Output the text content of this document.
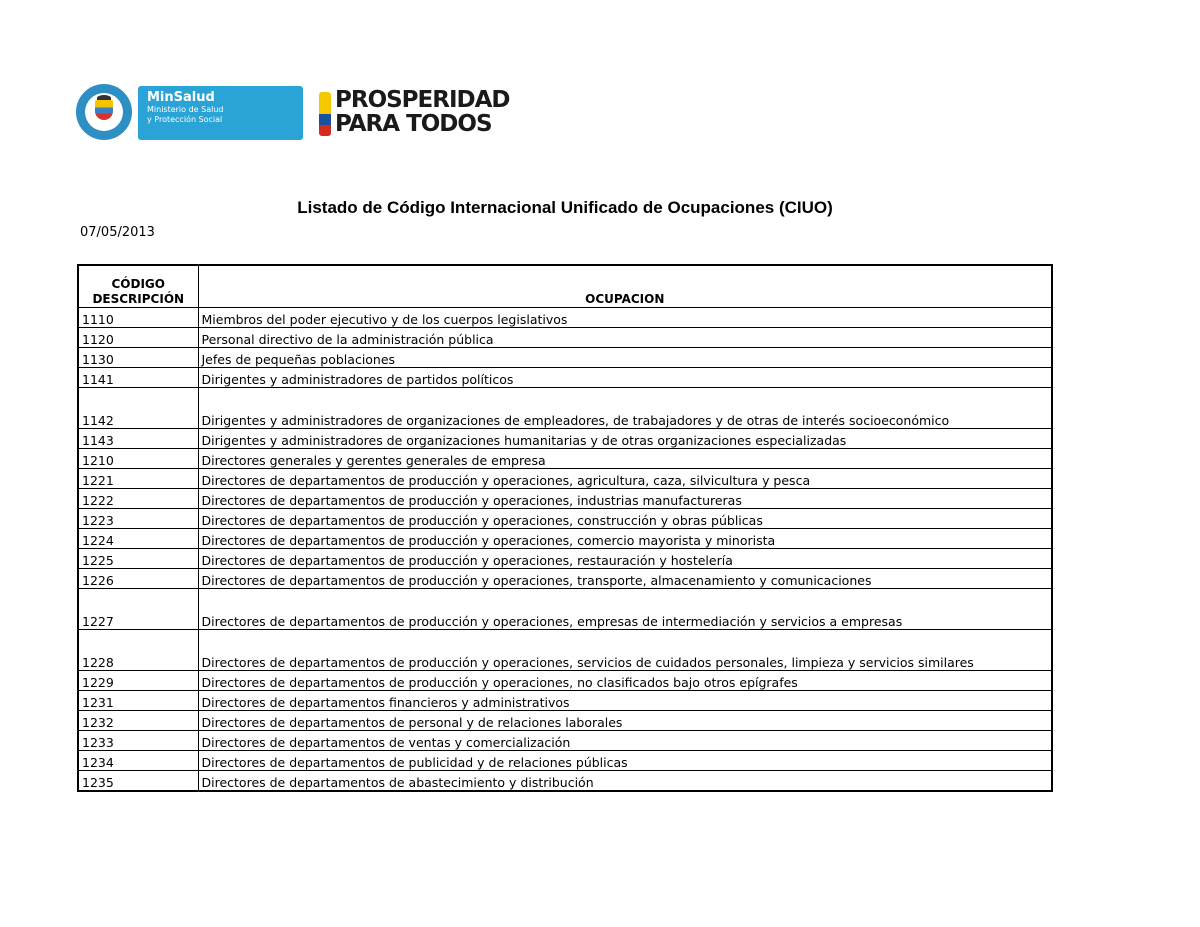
MinSalud
Ministerio de Salud
y Protección Social
PROSPERIDAD
PARA TODOS
Listado de Código Internacional Unificado de Ocupaciones (CIUO)
07/05/2013
CÓDIGO
DESCRIPCIÓN	OCUPACION
1110	Miembros del poder ejecutivo y de los cuerpos legislativos
1120	Personal directivo de la administración pública
1130	Jefes de pequeñas poblaciones
1141	Dirigentes y administradores de partidos políticos
1142	Dirigentes y administradores de organizaciones de empleadores, de trabajadores y de otras de interés socioeconómico
1143	Dirigentes y administradores de organizaciones humanitarias y de otras organizaciones especializadas
1210	Directores generales y gerentes generales de empresa
1221	Directores de departamentos de producción y operaciones, agricultura, caza, silvicultura y pesca
1222	Directores de departamentos de producción y operaciones, industrias manufactureras
1223	Directores de departamentos de producción y operaciones, construcción y obras públicas
1224	Directores de departamentos de producción y operaciones, comercio mayorista y minorista
1225	Directores de departamentos de producción y operaciones, restauración y hostelería
1226	Directores de departamentos de producción y operaciones, transporte, almacenamiento y comunicaciones
1227	Directores de departamentos de producción y operaciones, empresas de intermediación y servicios a empresas
1228	Directores de departamentos de producción y operaciones, servicios de cuidados personales, limpieza y servicios similares
1229	Directores de departamentos de producción y operaciones, no clasificados bajo otros epígrafes
1231	Directores de departamentos financieros y administrativos
1232	Directores de departamentos de personal y de relaciones laborales
1233	Directores de departamentos de ventas y comercialización
1234	Directores de departamentos de publicidad y de relaciones públicas
1235	Directores de departamentos de abastecimiento y distribución
